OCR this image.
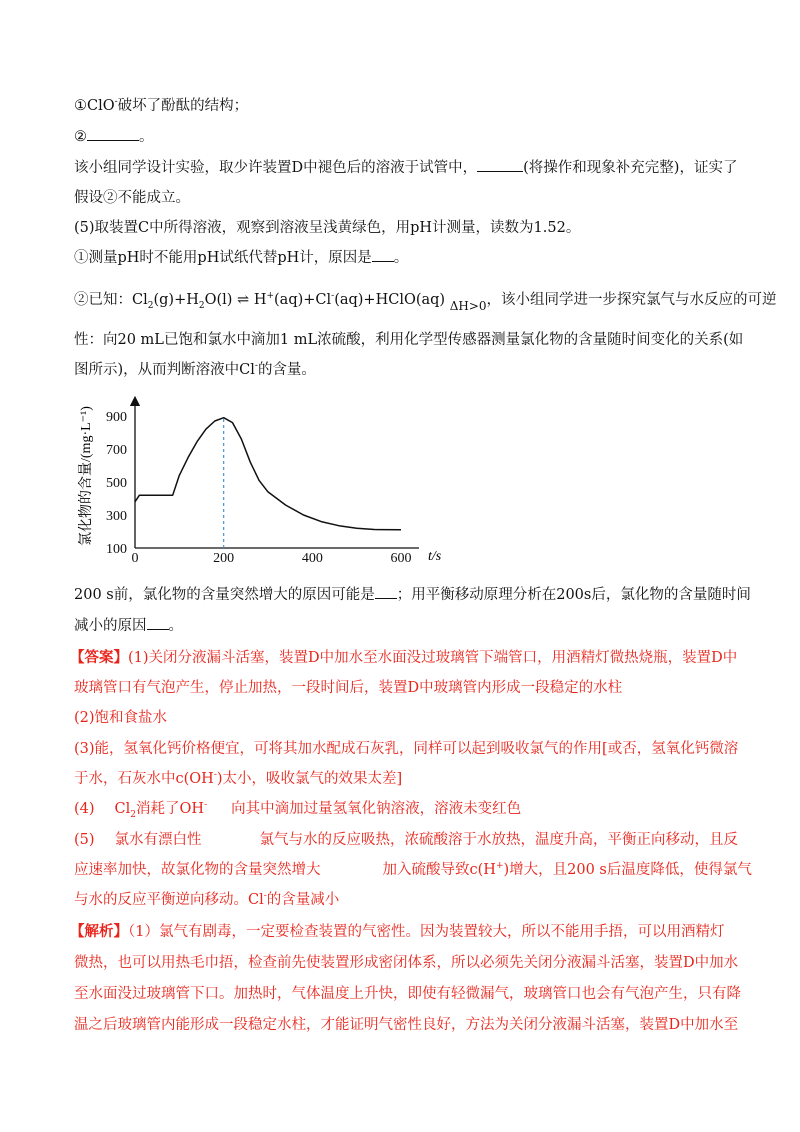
①ClO-破坏了酚酞的结构；
②	。
该小组同学设计实验，取少许装置D中褪色后的溶液于试管中，	(将操作和现象补充完整)，证实了
假设②不能成立。
(5)取装置C中所得溶液，观察到溶液呈浅黄绿色，用pH计测量，读数为1.52。
①测量pH时不能用pH试纸代替pH计，原因是 。
②已知：$Cl_2(g)+H_2O(l)$ ⇌ H+(aq)+Cl-(aq)+HClO(aq) $_{\Delta H>0}$，该小组同学进一步探究氯气与水反应的可逆
性：向20 mL已饱和氯水中滴加1 mL浓硫酸，利用化学型传感器测量氯化物的含量随时间变化的关系(如
图所示)，从而判断溶液中Cl-的含量。
100
300
500
700
900
0	200	400	600
氯化物的含量/(mg·L⁻¹)
t/s
200 s前，氯化物的含量突然增大的原因可能是 ；用平衡移动原理分析在200s后，氯化物的含量随时间
减小的原因 。
【答案】(1)关闭分液漏斗活塞，装置D中加水至水面没过玻璃管下端管口，用酒精灯微热烧瓶，装置D中
玻璃管口有气泡产生，停止加热，一段时间后，装置D中玻璃管内形成一段稳定的水柱
(2)饱和食盐水
(3)能，氢氧化钙价格便宜，可将其加水配成石灰乳，同样可以起到吸收氯气的作用[或否，氢氧化钙微溶
于水，石灰水中c(OH-)太小，吸收氯气的效果太差]
(4) $Cl_2$消耗了OH- 向其中滴加过量氢氧化钠溶液，溶液未变红色
(5) 氯水有漂白性	氯气与水的反应吸热，浓硫酸溶于水放热，温度升高，平衡正向移动，且反
应速率加快，故氯化物的含量突然增大	加入硫酸导致c(H+)增大，且200 s后温度降低，使得氯气
与水的反应平衡逆向移动。Cl-的含量减小
【解析】（1）氯气有剧毒，一定要检查装置的气密性。因为装置较大，所以不能用手捂，可以用酒精灯
微热，也可以用热毛巾捂，检查前先使装置形成密闭体系，所以必须先关闭分液漏斗活塞，装置D中加水
至水面没过玻璃管下口。加热时，气体温度上升快，即使有轻微漏气，玻璃管口也会有气泡产生，只有降
温之后玻璃管内能形成一段稳定水柱，才能证明气密性良好，方法为关闭分液漏斗活塞，装置D中加水至
